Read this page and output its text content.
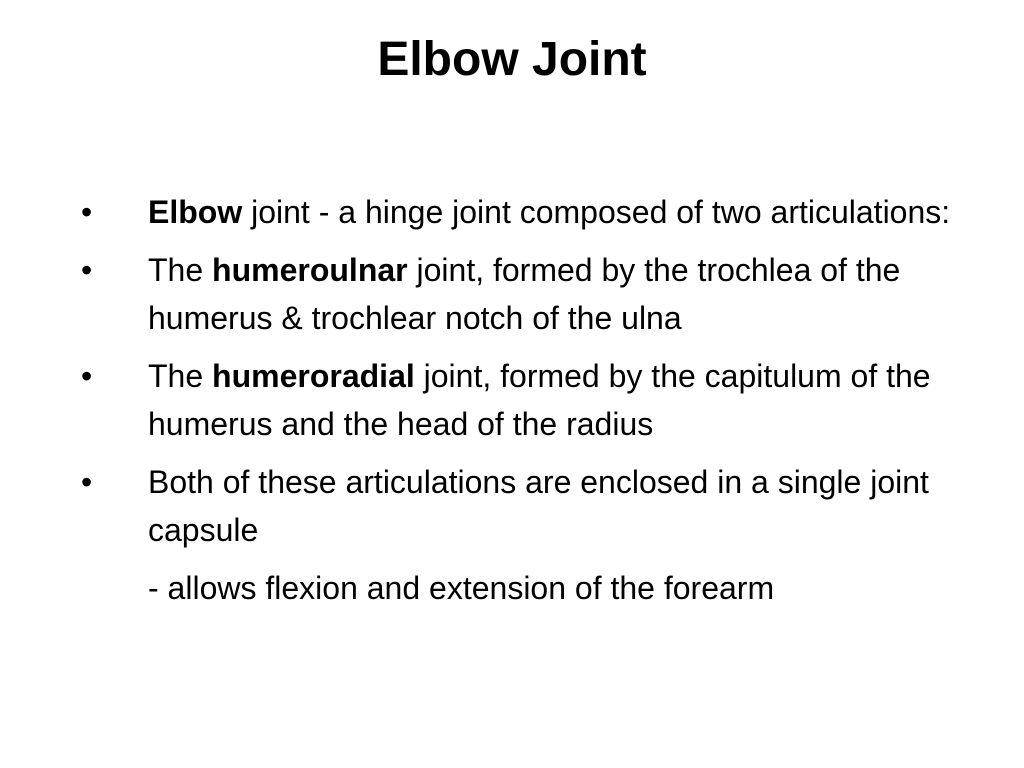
Elbow Joint
• Elbow joint - a hinge joint composed of two articulations:
• The humeroulnar joint, formed by the trochlea of the humerus & trochlear notch of the ulna
• The humeroradial joint, formed by the capitulum of the humerus and the head of the radius
• Both of these articulations are enclosed in a single joint capsule
- allows flexion and extension of the forearm
